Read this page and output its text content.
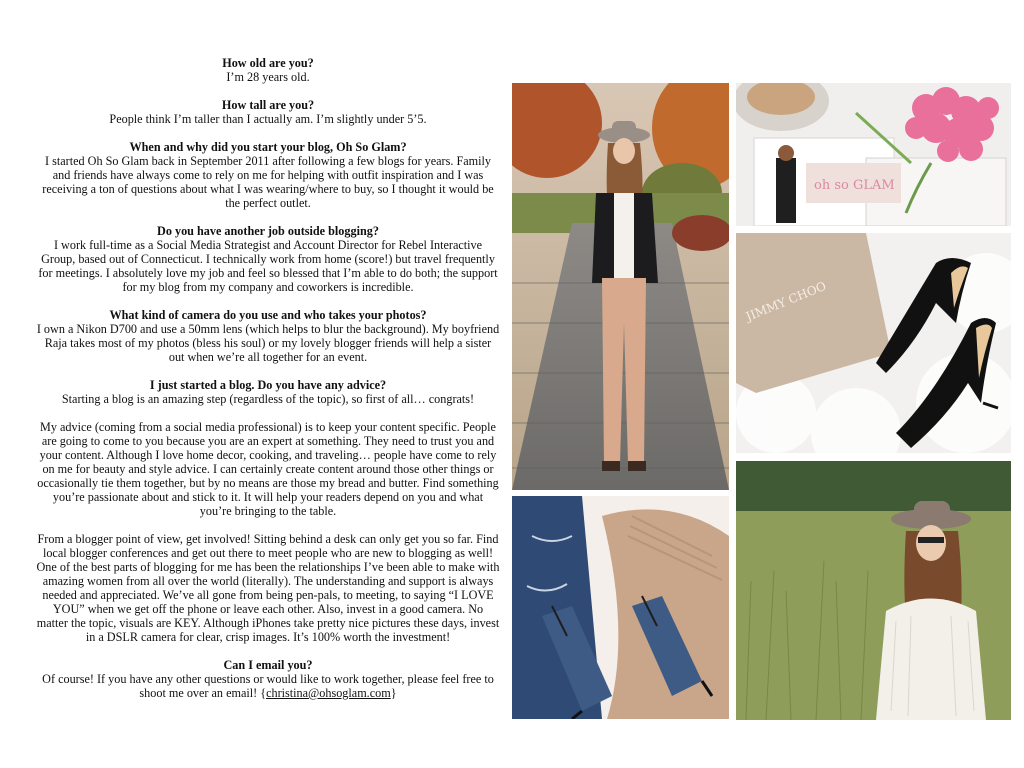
How old are you?

I’m 28 years old.

How tall are you?

People think I’m taller than I actually am. I’m slightly under 5’5.

When and why did you start your blog, Oh So Glam?

I started Oh So Glam back in September 2011 after following a few blogs for years. Family and friends have always come to rely on me for helping with outfit inspiration and I was receiving a ton of questions about what I was wearing/where to buy, so I thought it would be the perfect outlet.

Do you have another job outside blogging?

I work full-time as a Social Media Strategist and Account Director for Rebel Interactive Group, based out of Connecticut. I technically work from home (score!) but travel frequently for meetings. I absolutely love my job and feel so blessed that I’m able to do both; the support for my blog from my company and coworkers is incredible.

What kind of camera do you use and who takes your photos?

I own a Nikon D700 and use a 50mm lens (which helps to blur the background). My boyfriend Raja takes most of my photos (bless his soul) or my lovely blogger friends will help a sister out when we’re all together for an event.

I just started a blog. Do you have any advice?

Starting a blog is an amazing step (regardless of the topic), so first of all… congrats!

My advice (coming from a social media professional) is to keep your content specific. People are going to come to you because you are an expert at something. They need to trust you and your content. Although I love home decor, cooking, and traveling… people have come to rely on me for beauty and style advice. I can certainly create content around those other things or occasionally tie them together, but by no means are those my bread and butter. Find something you’re passionate about and stick to it. It will help your readers depend on you and what you’re bringing to the table.

From a blogger point of view, get involved! Sitting behind a desk can only get you so far. Find local blogger conferences and get out there to meet people who are new to blogging as well! One of the best parts of blogging for me has been the relationships I’ve been able to make with amazing women from all over the world (literally). The understanding and support is always needed and appreciated. We’ve all gone from being pen-pals, to meeting, to saying “I LOVE YOU” when we get off the phone or leave each other. Also, invest in a good camera. No matter the topic, visuals are KEY. Although iPhones take pretty nice pictures these days, invest in a DSLR camera for clear, crisp images. It’s 100% worth the investment!

Can I email you?

Of course! If you have any other questions or would like to work together, please feel free to shoot me over an email! {christina@ohsoglam.com}

oh so GLAM
JIMMY CHOO
